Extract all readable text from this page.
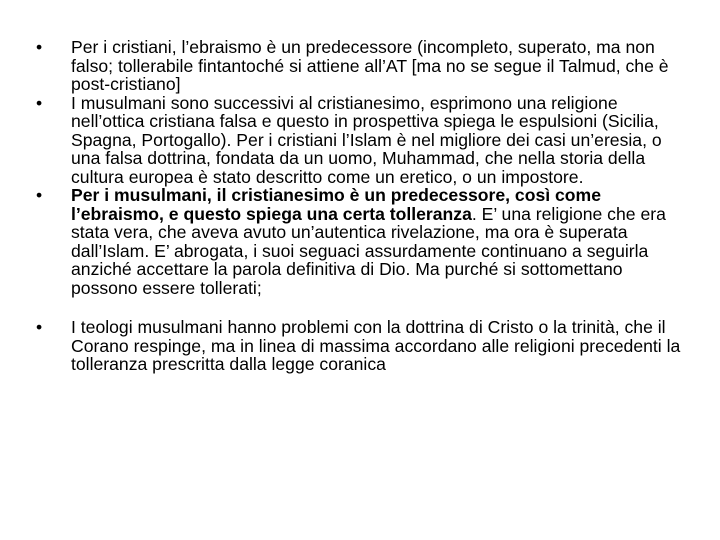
• Per i cristiani, l’ebraismo è un predecessore (incompleto, superato, ma non falso; tollerabile fintantoché si attiene all’AT [ma no se segue il Talmud, che è post-cristiano]
• I musulmani sono successivi al cristianesimo, esprimono una religione nell’ottica cristiana falsa e questo in prospettiva spiega le espulsioni (Sicilia, Spagna, Portogallo). Per i cristiani l’Islam è nel migliore dei casi un’eresia, o una falsa dottrina, fondata da un uomo, Muhammad, che nella storia della cultura europea è stato descritto come un eretico, o un impostore.
• Per i musulmani, il cristianesimo è un predecessore, così come l’ebraismo, e questo spiega una certa tolleranza. E’ una religione che era stata vera, che aveva avuto un’autentica rivelazione, ma ora è superata dall’Islam. E’ abrogata, i suoi seguaci assurdamente continuano a seguirla anziché accettare la parola definitiva di Dio. Ma purché si sottomettano possono essere tollerati;
• I teologi musulmani hanno problemi con la dottrina di Cristo o la trinità, che il Corano respinge, ma in linea di massima accordano alle religioni precedenti la tolleranza prescritta dalla legge coranica
